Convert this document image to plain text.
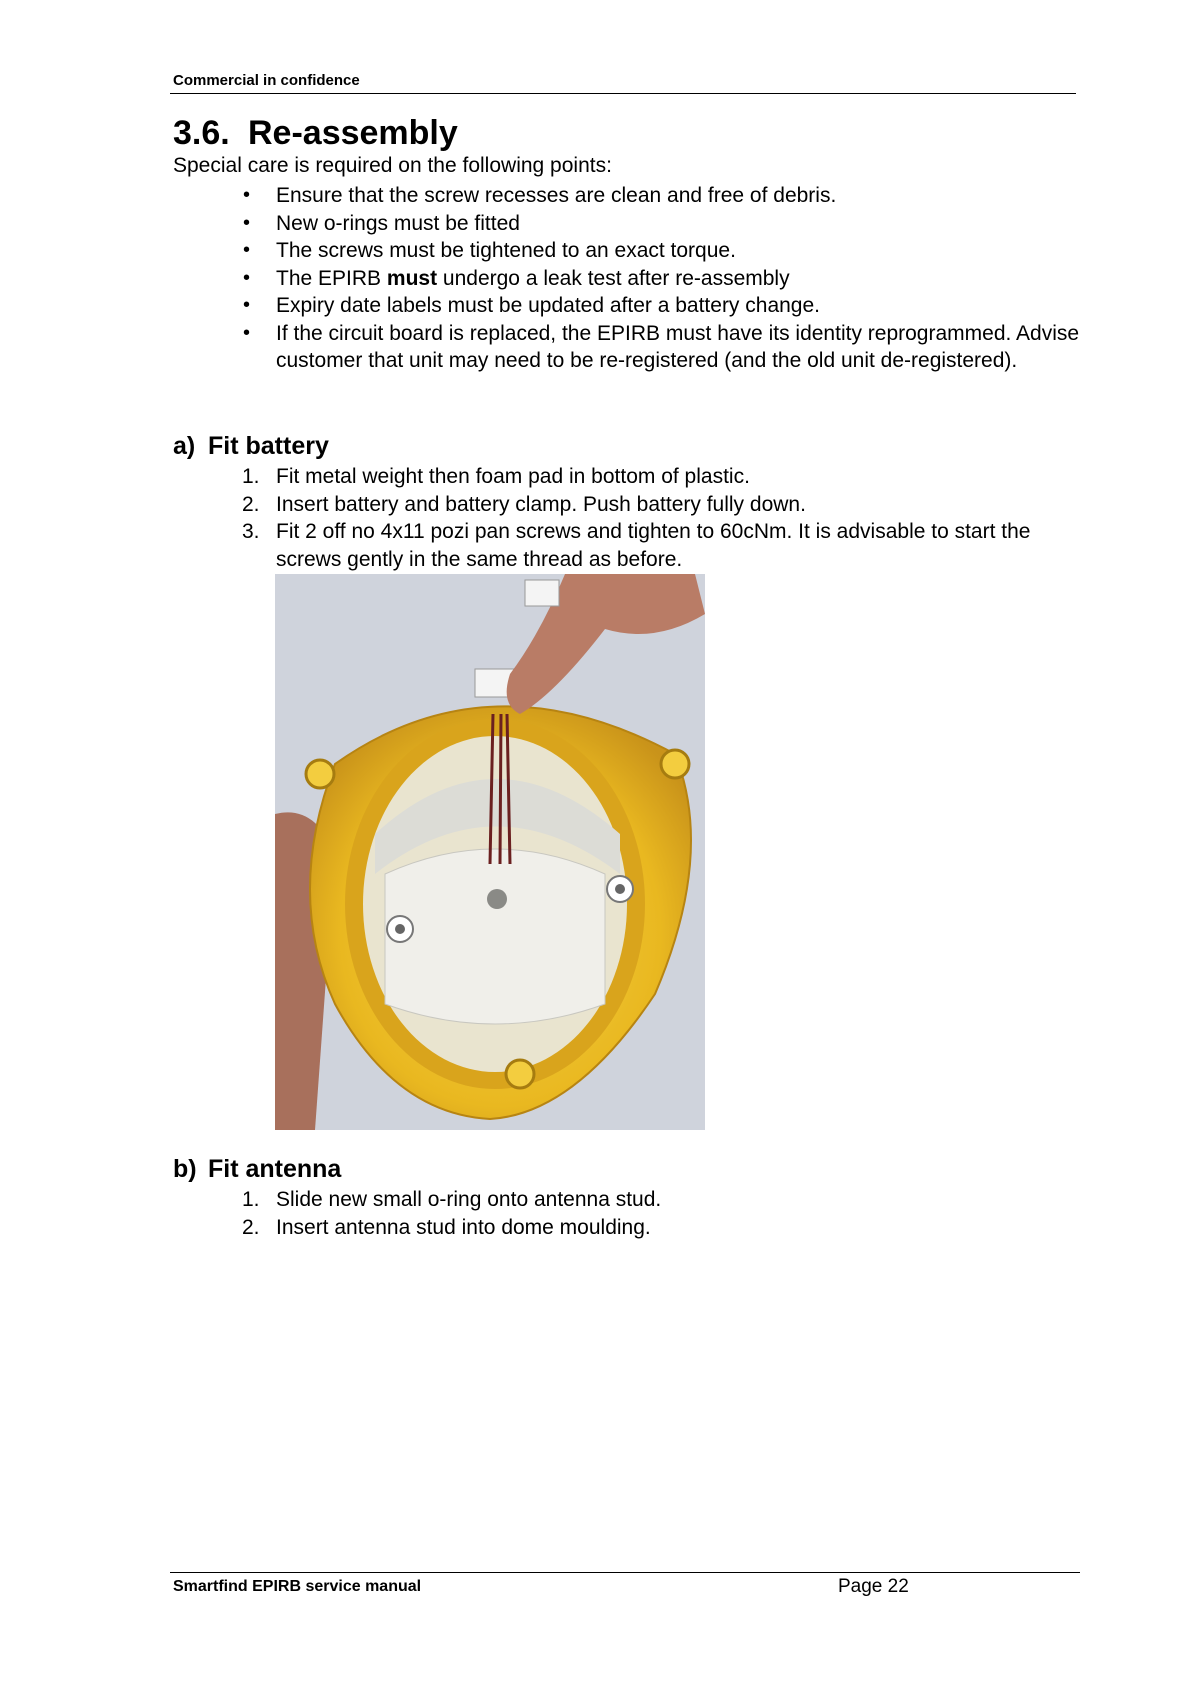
Commercial in confidence
3.6. Re-assembly
Special care is required on the following points:
• Ensure that the screw recesses are clean and free of debris.
• New o-rings must be fitted
• The screws must be tightened to an exact torque.
• The EPIRB must undergo a leak test after re-assembly
• Expiry date labels must be updated after a battery change.
• If the circuit board is replaced, the EPIRB must have its identity reprogrammed. Advise customer that unit may need to be re-registered (and the old unit de-registered).
a) Fit battery
1. Fit metal weight then foam pad in bottom of plastic.
2. Insert battery and battery clamp. Push battery fully down.
3. Fit 2 off no 4x11 pozi pan screws and tighten to 60cNm. It is advisable to start the screws gently in the same thread as before.
b) Fit antenna
1. Slide new small o-ring onto antenna stud.
2. Insert antenna stud into dome moulding.
Smartfind EPIRB service manual	Page 22
